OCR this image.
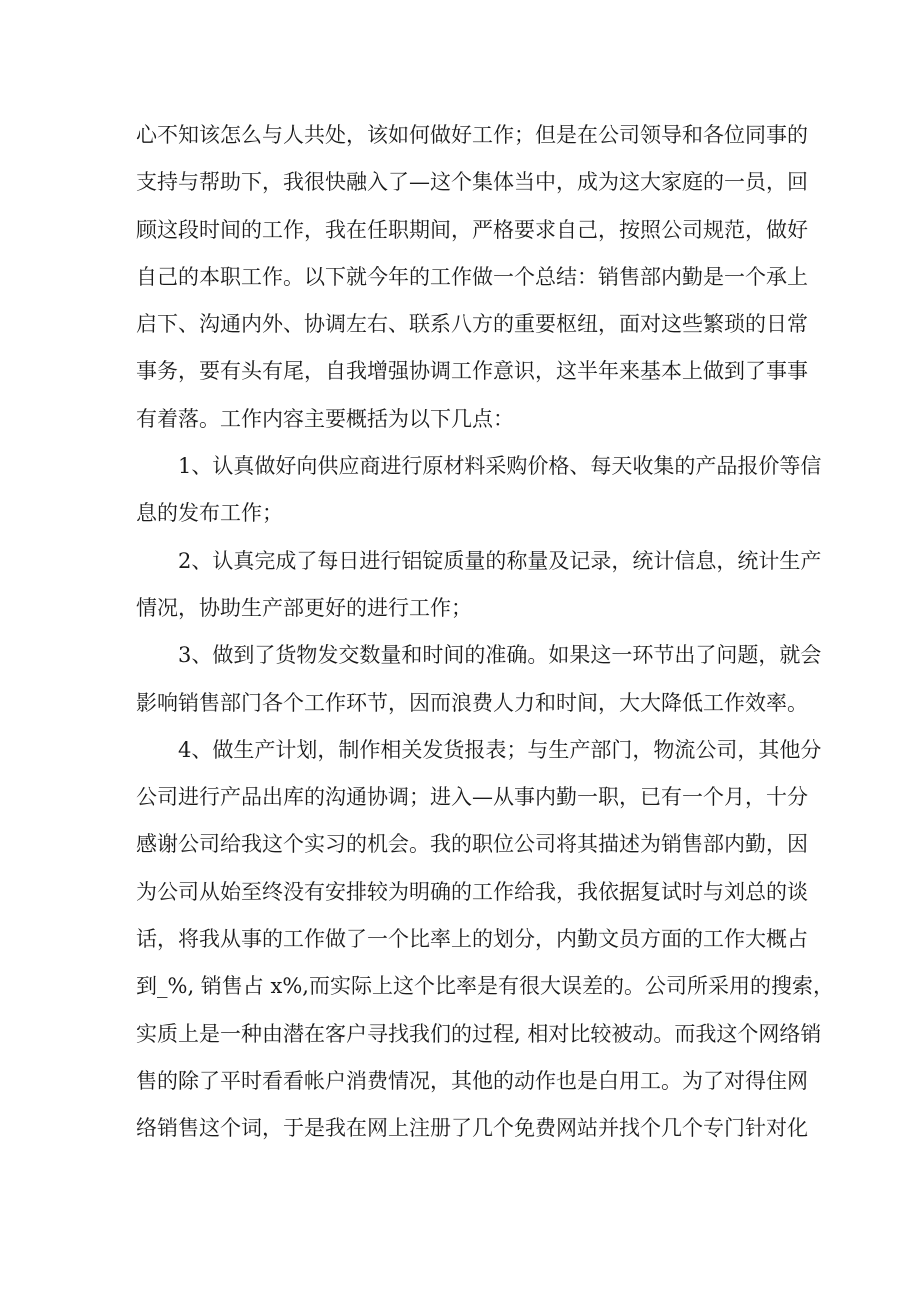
心不知该怎么与人共处，该如何做好工作；但是在公司领导和各位同事的
支持与帮助下，我很快融入了—这个集体当中，成为这大家庭的一员，回
顾这段时间的工作，我在任职期间，严格要求自己，按照公司规范，做好
自己的本职工作。以下就今年的工作做一个总结：销售部内勤是一个承上
启下、沟通内外、协调左右、联系八方的重要枢纽，面对这些繁琐的日常
事务，要有头有尾，自我增强协调工作意识，这半年来基本上做到了事事
有着落。工作内容主要概括为以下几点：
1、认真做好向供应商进行原材料采购价格、每天收集的产品报价等信
息的发布工作；
2、认真完成了每日进行铝锭质量的称量及记录，统计信息，统计生产
情况，协助生产部更好的进行工作；
3、做到了货物发交数量和时间的准确。如果这一环节出了问题，就会
影响销售部门各个工作环节，因而浪费人力和时间，大大降低工作效率。
4、做生产计划，制作相关发货报表；与生产部门，物流公司，其他分
公司进行产品出库的沟通协调；进入—从事内勤一职，已有一个月，十分
感谢公司给我这个实习的机会。我的职位公司将其描述为销售部内勤，因
为公司从始至终没有安排较为明确的工作给我，我依据复试时与刘总的谈
话，将我从事的工作做了一个比率上的划分，内勤文员方面的工作大概占
到_%, 销售占 x%,而实际上这个比率是有很大误差的。公司所采用的搜索，
实质上是一种由潜在客户寻找我们的过程, 相对比较被动。而我这个网络销
售的除了平时看看帐户消费情况，其他的动作也是白用工。为了对得住网
络销售这个词，于是我在网上注册了几个免费网站并找个几个专门针对化
